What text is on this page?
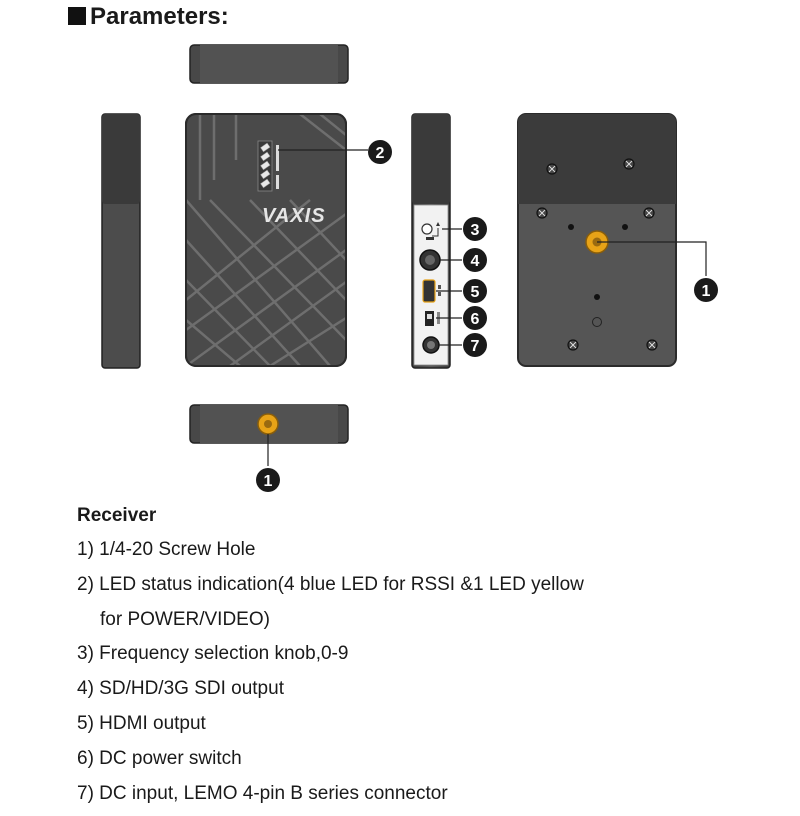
Parameters:
VAXIS
2
3
4
5
6
7
1
1
Receiver
1) 1/4-20 Screw Hole
2) LED status indication(4 blue LED for RSSI &1 LED yellow
for POWER/VIDEO)
3) Frequency selection knob,0-9
4) SD/HD/3G SDI output
5) HDMI output
6) DC power switch
7) DC input, LEMO 4-pin B series connector
